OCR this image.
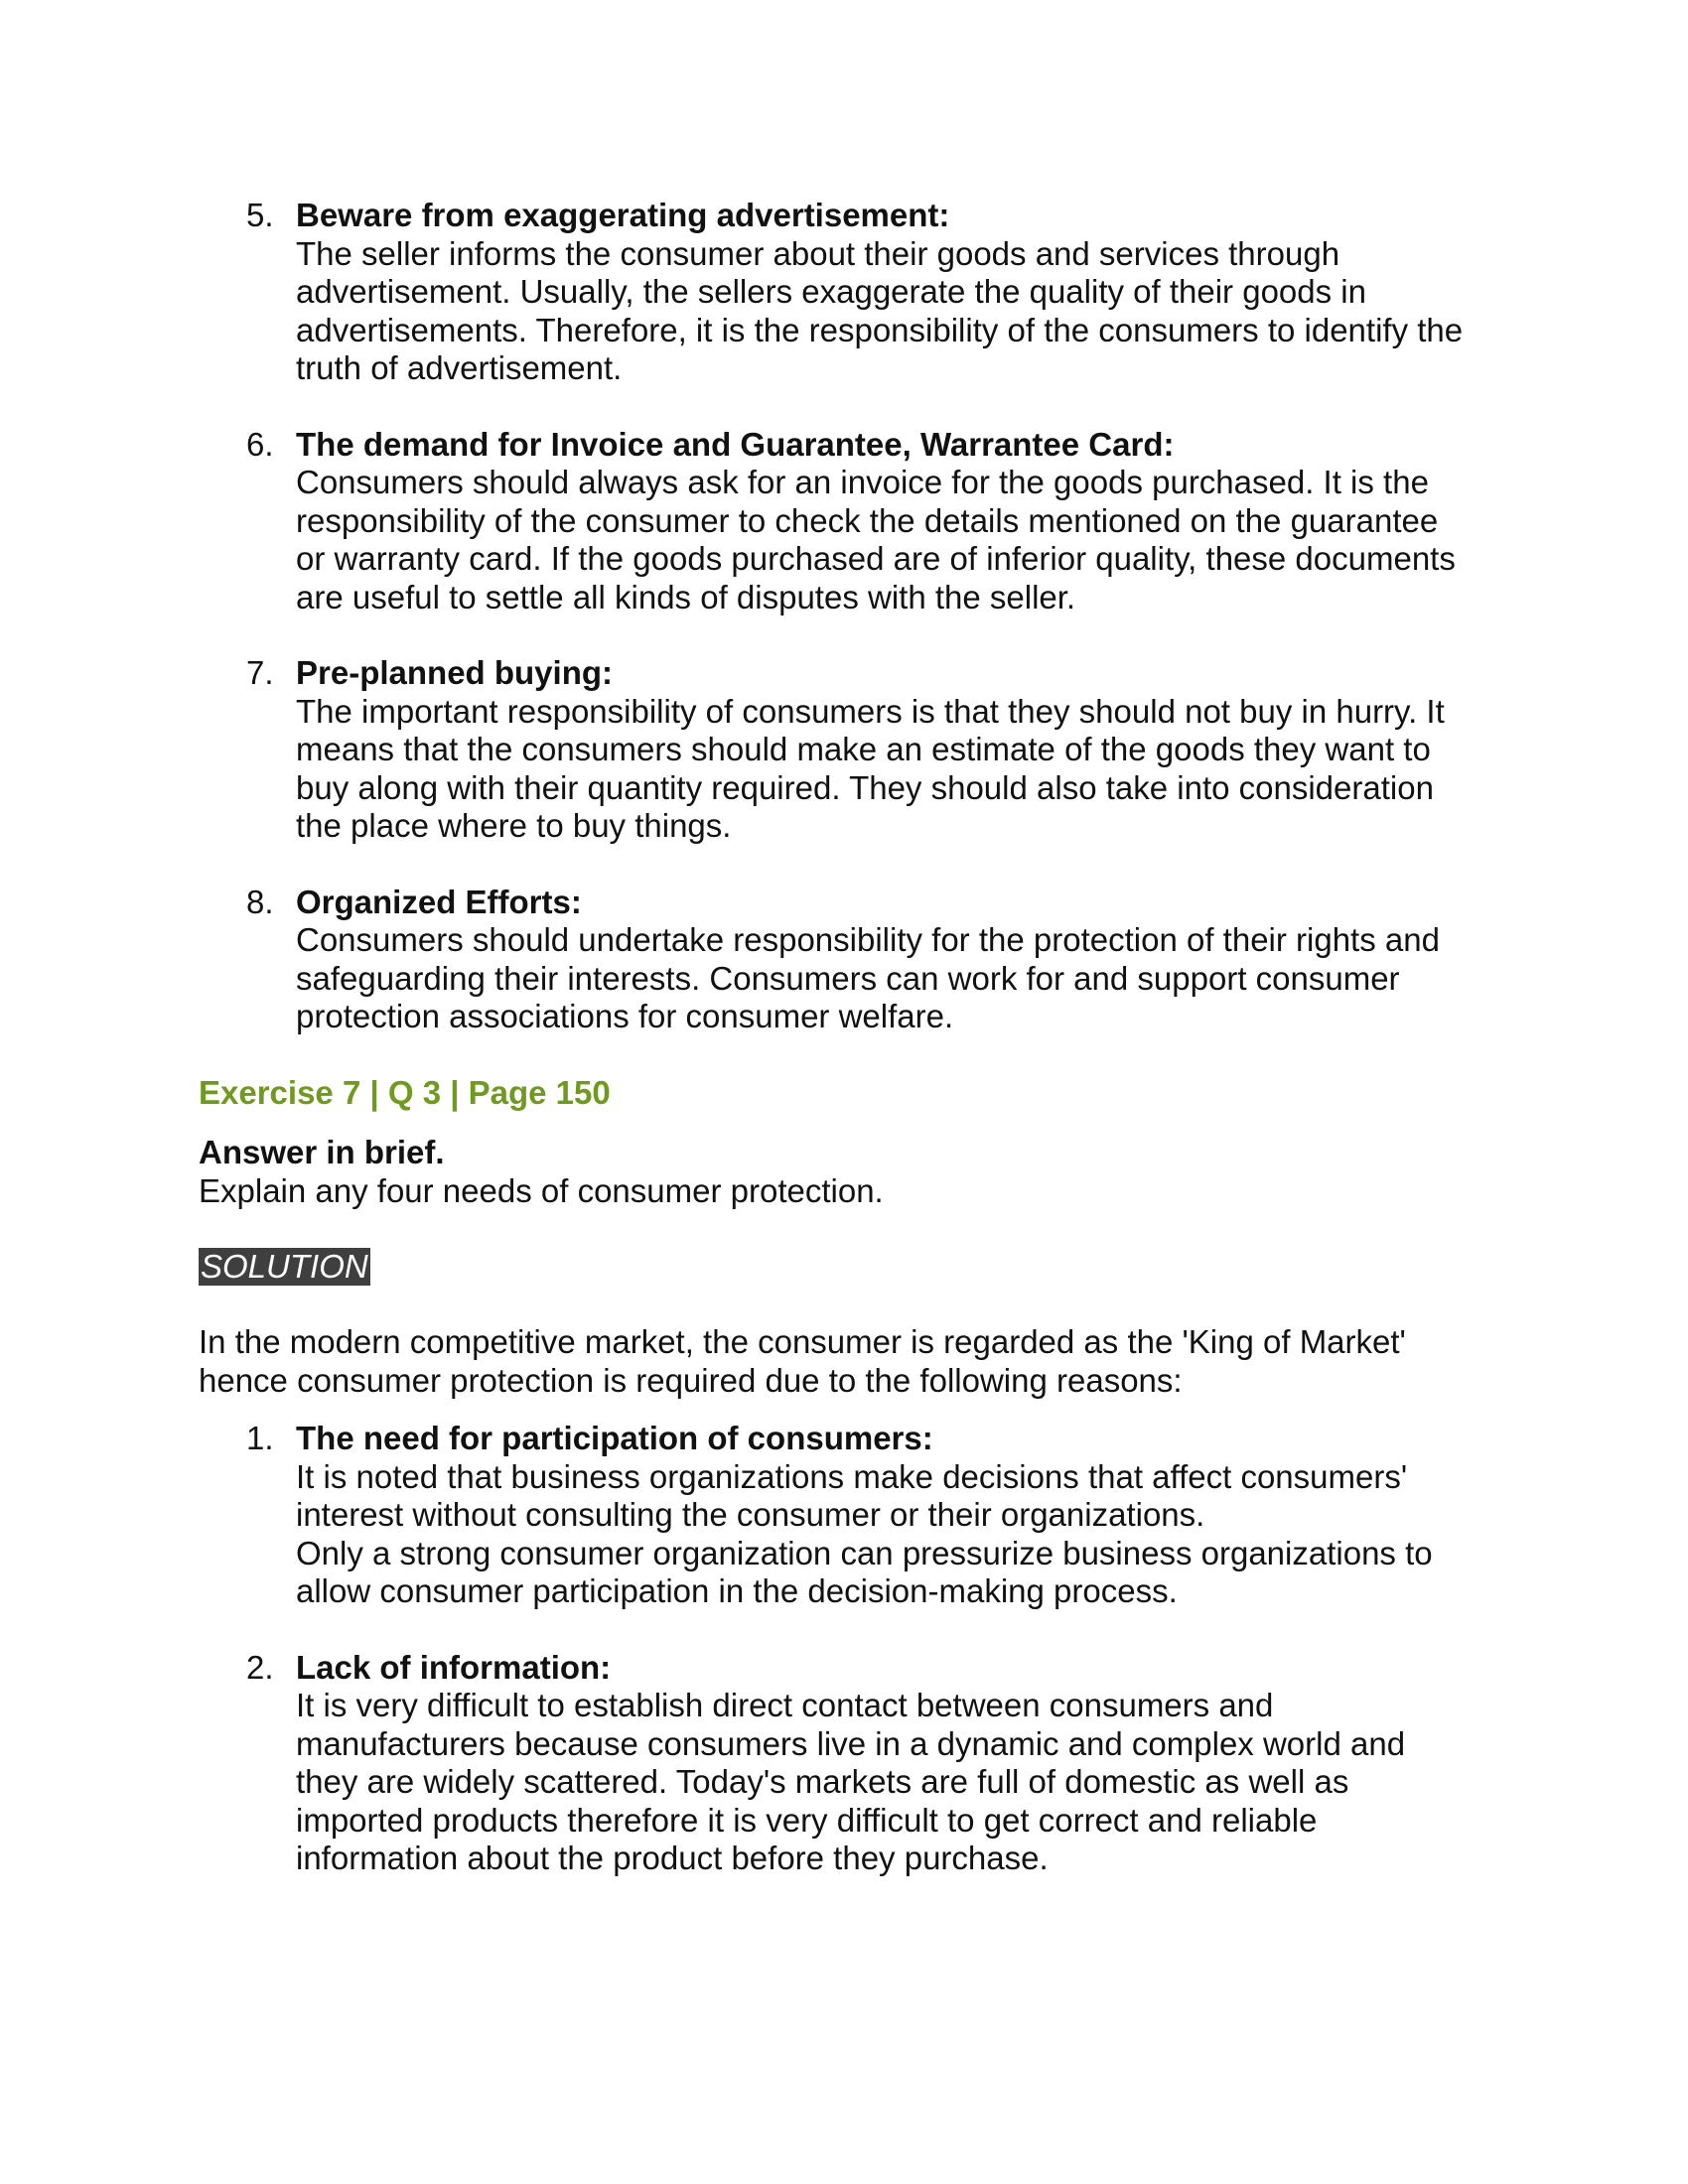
5. Beware from exaggerating advertisement:
The seller informs the consumer about their goods and services through
advertisement. Usually, the sellers exaggerate the quality of their goods in
advertisements. Therefore, it is the responsibility of the consumers to identify the
truth of advertisement.
6. The demand for Invoice and Guarantee, Warrantee Card:
Consumers should always ask for an invoice for the goods purchased. It is the
responsibility of the consumer to check the details mentioned on the guarantee
or warranty card. If the goods purchased are of inferior quality, these documents
are useful to settle all kinds of disputes with the seller.
7. Pre-planned buying:
The important responsibility of consumers is that they should not buy in hurry. It
means that the consumers should make an estimate of the goods they want to
buy along with their quantity required. They should also take into consideration
the place where to buy things.
8. Organized Efforts:
Consumers should undertake responsibility for the protection of their rights and
safeguarding their interests. Consumers can work for and support consumer
protection associations for consumer welfare.
Exercise 7 | Q 3 | Page 150
Answer in brief.
Explain any four needs of consumer protection.
SOLUTION
In the modern competitive market, the consumer is regarded as the 'King of Market'
hence consumer protection is required due to the following reasons:
1. The need for participation of consumers:
It is noted that business organizations make decisions that affect consumers'
interest without consulting the consumer or their organizations.
Only a strong consumer organization can pressurize business organizations to
allow consumer participation in the decision-making process.
2. Lack of information:
It is very difficult to establish direct contact between consumers and
manufacturers because consumers live in a dynamic and complex world and
they are widely scattered. Today's markets are full of domestic as well as
imported products therefore it is very difficult to get correct and reliable
information about the product before they purchase.
